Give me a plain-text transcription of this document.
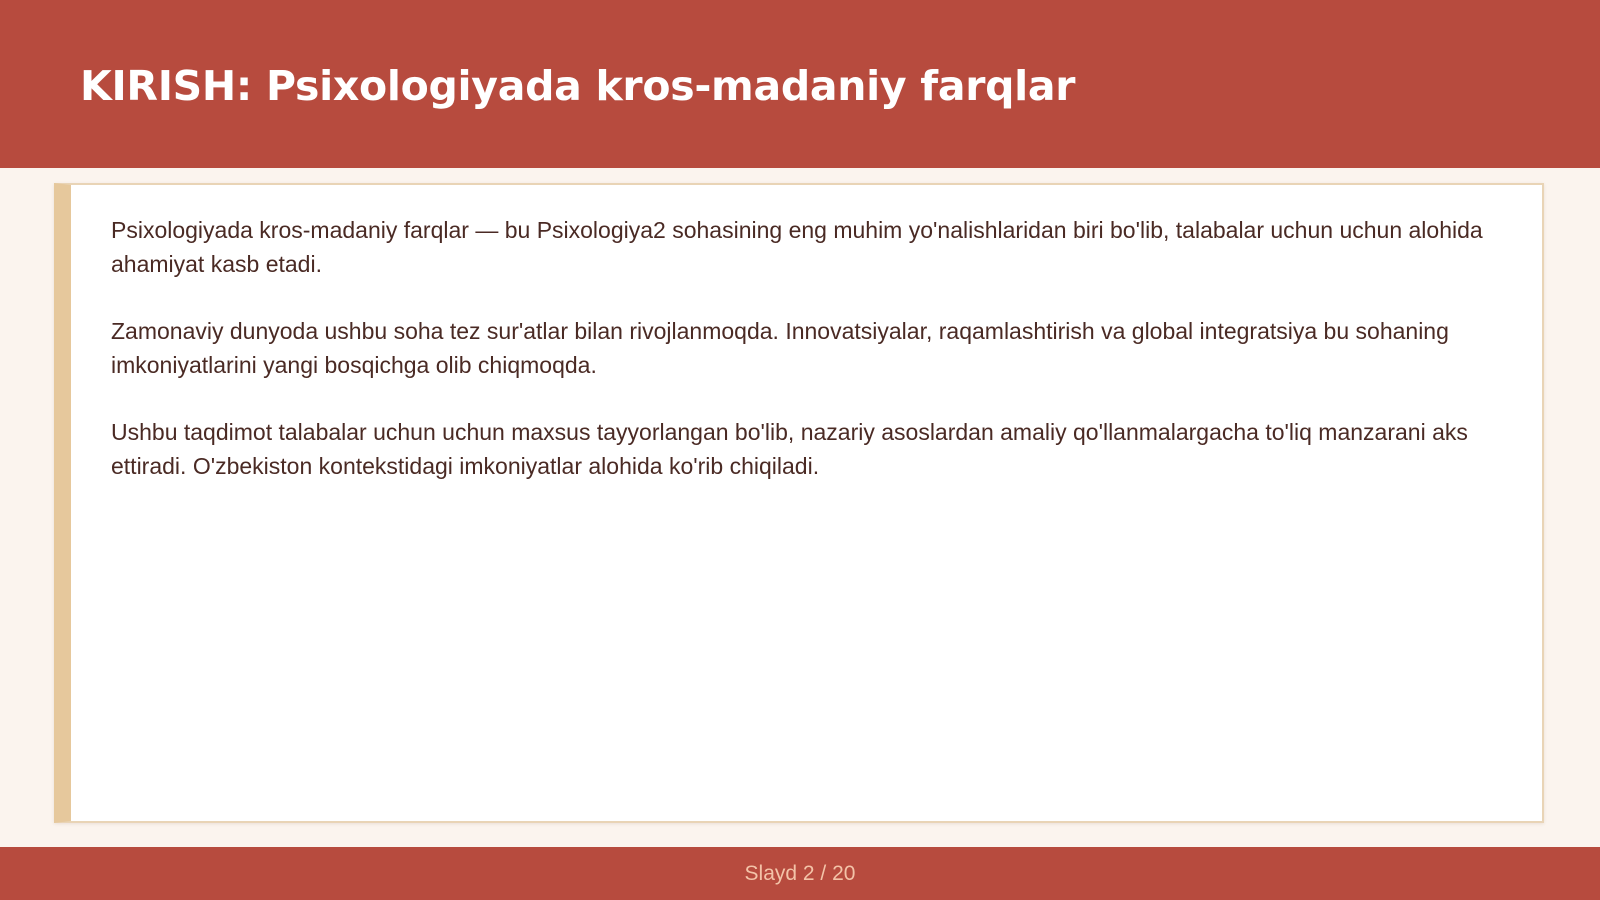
KIRISH: Psixologiyada kros-madaniy farqlar

Psixologiyada kros-madaniy farqlar — bu Psixologiya2 sohasining eng muhim yo'nalishlaridan biri bo'lib, talabalar uchun uchun alohida ahamiyat kasb etadi.

Zamonaviy dunyoda ushbu soha tez sur'atlar bilan rivojlanmoqda. Innovatsiyalar, raqamlashtirish va global integratsiya bu sohaning imkoniyatlarini yangi bosqichga olib chiqmoqda.

Ushbu taqdimot talabalar uchun uchun maxsus tayyorlangan bo'lib, nazariy asoslardan amaliy qo'llanmalargacha to'liq manzarani aks ettiradi. O'zbekiston kontekstidagi imkoniyatlar alohida ko'rib chiqiladi.

Slayd 2 / 20
